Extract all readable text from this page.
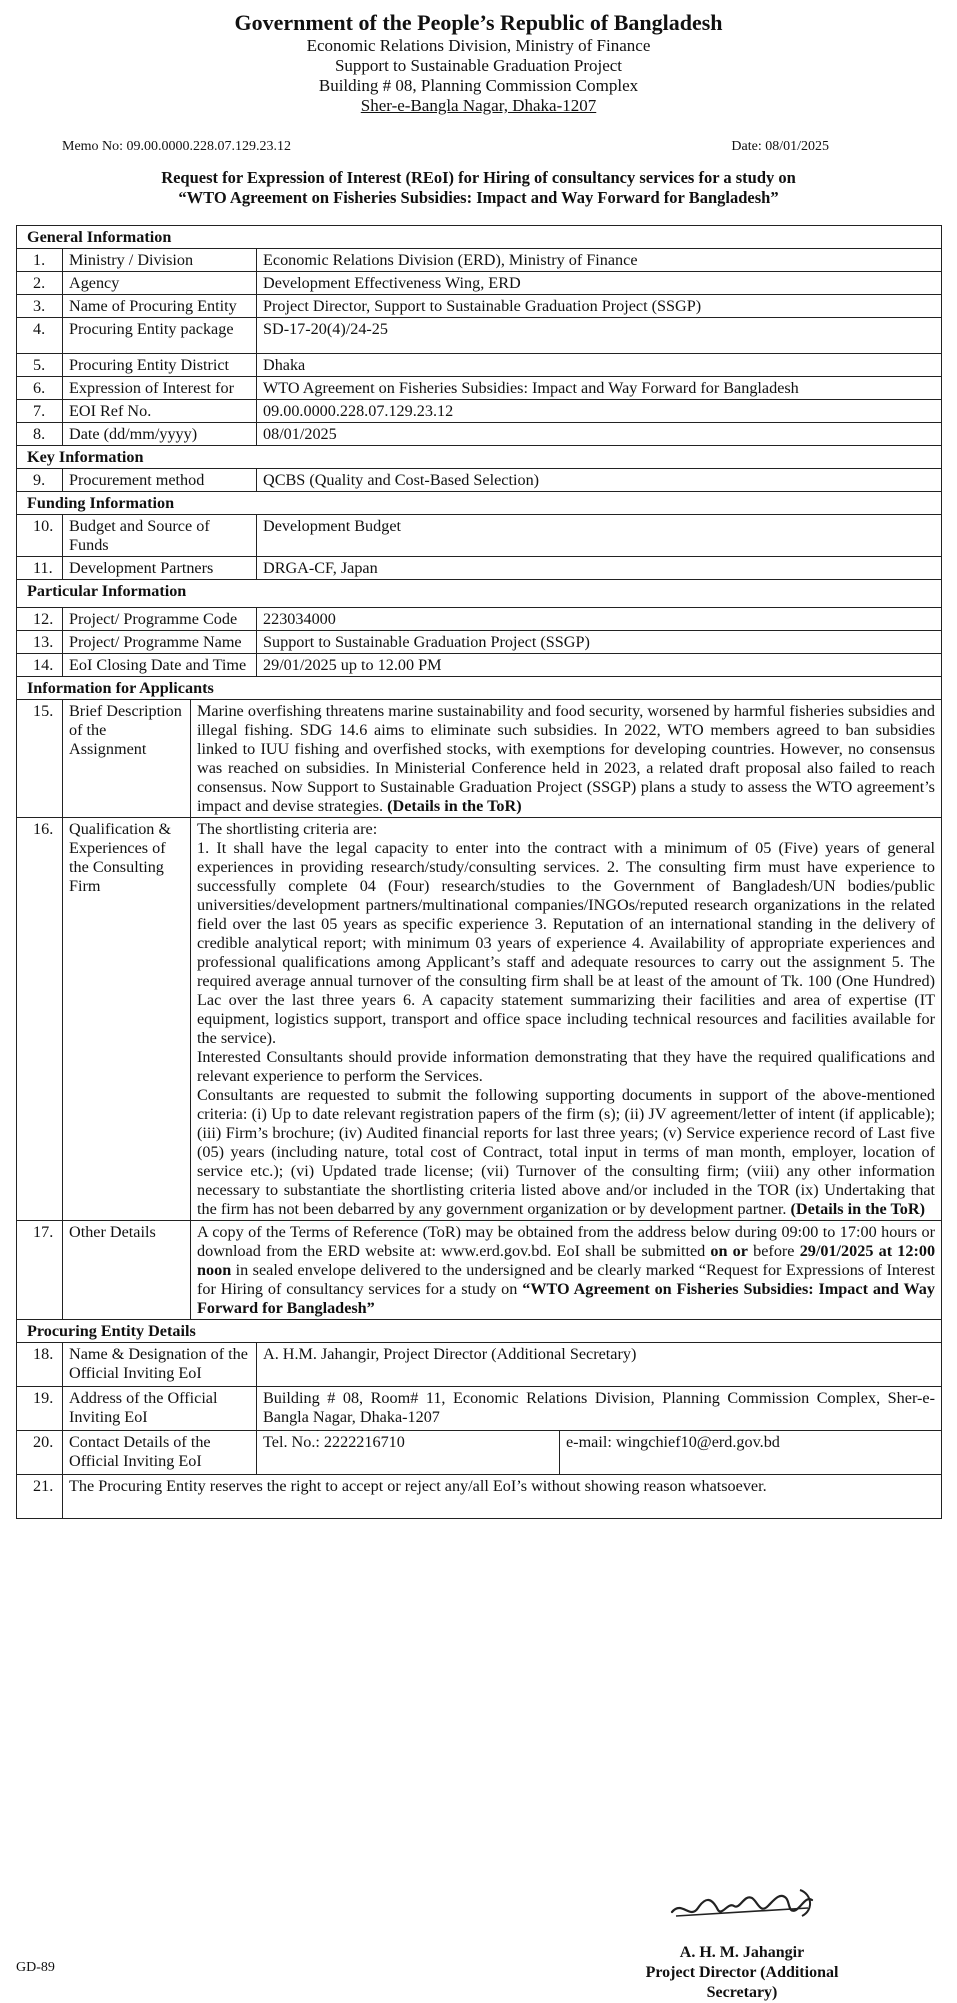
Government of the People’s Republic of Bangladesh
Economic Relations Division, Ministry of Finance
Support to Sustainable Graduation Project
Building # 08, Planning Commission Complex
Sher-e-Bangla Nagar, Dhaka-1207
Memo No: 09.00.0000.228.07.129.23.12	Date: 08/01/2025
Request for Expression of Interest (REoI) for Hiring of consultancy services for a study on
“WTO Agreement on Fisheries Subsidies: Impact and Way Forward for Bangladesh”
General Information				
1.	Ministry / Division		Economic Relations Division (ERD), Ministry of Finance	
2.	Agency		Development Effectiveness Wing, ERD	
3.	Name of Procuring Entity		Project Director, Support to Sustainable Graduation Project (SSGP)	
4.	Procuring Entity package		SD-17-20(4)/24-25	
5.	Procuring Entity District		Dhaka	
6.	Expression of Interest for		WTO Agreement on Fisheries Subsidies: Impact and Way Forward for Bangladesh	
7.	EOI Ref No.		09.00.0000.228.07.129.23.12	
8.	Date (dd/mm/yyyy)		08/01/2025	
Key Information				
9.	Procurement method		QCBS (Quality and Cost-Based Selection)	
Funding Information				
10.	Budget and Source of Funds		Development Budget	
11.	Development Partners		DRGA-CF, Japan	
Particular Information				
12.	Project/ Programme Code		223034000	
13.	Project/ Programme Name		Support to Sustainable Graduation Project (SSGP)	
14.	EoI Closing Date and Time		29/01/2025 up to 12.00 PM	
Information for Applicants				
15.	Brief Description of the Assignment	Marine overfishing threatens marine sustainability and food security, worsened by harmful fisheries subsidies and illegal fishing. SDG 14.6 aims to eliminate such subsidies. In 2022, WTO members agreed to ban subsidies linked to IUU fishing and overfished stocks, with exemptions for developing countries. However, no consensus was reached on subsidies. In Ministerial Conference held in 2023, a related draft proposal also failed to reach consensus. Now Support to Sustainable Graduation Project (SSGP) plans a study to assess the WTO agreement’s impact and devise strategies. (Details in the ToR)		
16.	Qualification & Experiences of the Consulting Firm	The shortlisting criteria are:
1. It shall have the legal capacity to enter into the contract with a minimum of 05 (Five) years of general experiences in providing research/study/consulting services. 2. The consulting firm must have experience to successfully complete 04 (Four) research/studies to the Government of Bangladesh/UN bodies/public universities/development partners/multinational companies/INGOs/reputed research organizations in the related field over the last 05 years as specific experience 3. Reputation of an international standing in the delivery of credible analytical report; with minimum 03 years of experience 4. Availability of appropriate experiences and professional qualifications among Applicant’s staff and adequate resources to carry out the assignment 5. The required average annual turnover of the consulting firm shall be at least of the amount of Tk. 100 (One Hundred) Lac over the last three years 6. A capacity statement summarizing their facilities and area of expertise (IT equipment, logistics support, transport and office space including technical resources and facilities available for the service).
Interested Consultants should provide information demonstrating that they have the required qualifications and relevant experience to perform the Services.
Consultants are requested to submit the following supporting documents in support of the above-mentioned criteria: (i) Up to date relevant registration papers of the firm (s); (ii) JV agreement/letter of intent (if applicable); (iii) Firm’s brochure; (iv) Audited financial reports for last three years; (v) Service experience record of Last five (05) years (including nature, total cost of Contract, total input in terms of man month, employer, location of service etc.); (vi) Updated trade license; (vii) Turnover of the consulting firm; (viii) any other information necessary to substantiate the shortlisting criteria listed above and/or included in the TOR (ix) Undertaking that the firm has not been debarred by any government organization or by development partner. (Details in the ToR)		

17.	Other Details	A copy of the Terms of Reference (ToR) may be obtained from the address below during 09:00 to 17:00 hours or download from the ERD website at: www.erd.gov.bd. EoI shall be submitted on or before 29/01/2025 at 12:00 noon in sealed envelope delivered to the undersigned and be clearly marked “Request for Expressions of Interest for Hiring of consultancy services for a study on “WTO Agreement on Fisheries Subsidies: Impact and Way Forward for Bangladesh”		
Procuring Entity Details				
18.	Name & Designation of the Official Inviting EoI		A. H.M. Jahangir, Project Director (Additional Secretary)	
19.	Address of the Official Inviting EoI		Building # 08, Room# 11, Economic Relations Division, Planning Commission Complex, Sher-e-Bangla Nagar, Dhaka-1207	
20.	Contact Details of the Official Inviting EoI		Tel. No.: 2222216710	e-mail: wingchief10@erd.gov.bd
21.	The Procuring Entity reserves the right to accept or reject any/all EoI’s without showing reason whatsoever.			
A. H. M. Jahangir
Project Director (Additional Secretary)
GD-89
